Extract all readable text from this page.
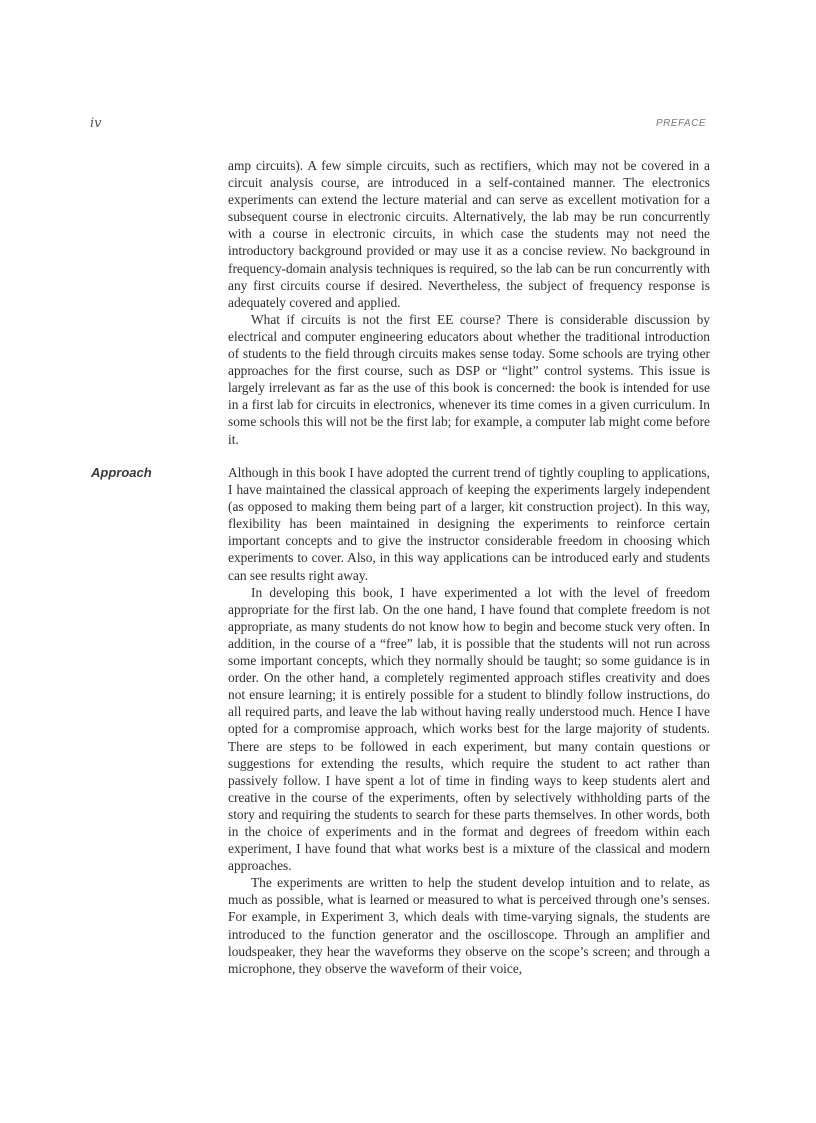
iv	PREFACE

amp circuits). A few simple circuits, such as rectifiers, which may not be covered in a circuit analysis course, are introduced in a self-contained manner. The electronics experiments can extend the lecture material and can serve as excellent motivation for a subsequent course in electronic circuits. Alternatively, the lab may be run concurrently with a course in electronic circuits, in which case the students may not need the introductory background provided or may use it as a concise review. No background in frequency-domain analysis techniques is required, so the lab can be run concurrently with any first circuits course if desired. Nevertheless, the subject of frequency response is adequately covered and applied.

What if circuits is not the first EE course? There is considerable discussion by electrical and computer engineering educators about whether the traditional introduction of students to the field through circuits makes sense today. Some schools are trying other approaches for the first course, such as DSP or “light” control systems. This issue is largely irrelevant as far as the use of this book is concerned: the book is intended for use in a first lab for circuits in electronics, whenever its time comes in a given curriculum. In some schools this will not be the first lab; for example, a computer lab might come before it.

Approach	Although in this book I have adopted the current trend of tightly coupling to applications, I have maintained the classical approach of keeping the experiments largely independent (as opposed to making them being part of a larger, kit construction project). In this way, flexibility has been maintained in designing the experiments to reinforce certain important concepts and to give the instructor considerable freedom in choosing which experiments to cover. Also, in this way applications can be introduced early and students can see results right away.

In developing this book, I have experimented a lot with the level of freedom appropriate for the first lab. On the one hand, I have found that complete freedom is not appropriate, as many students do not know how to begin and become stuck very often. In addition, in the course of a “free” lab, it is possible that the students will not run across some important concepts, which they normally should be taught; so some guidance is in order. On the other hand, a completely regimented approach stifles creativity and does not ensure learning; it is entirely possible for a student to blindly follow instructions, do all required parts, and leave the lab without having really understood much. Hence I have opted for a compromise approach, which works best for the large majority of students. There are steps to be followed in each experiment, but many contain questions or suggestions for extending the results, which require the student to act rather than passively follow. I have spent a lot of time in finding ways to keep students alert and creative in the course of the experiments, often by selectively withholding parts of the story and requiring the students to search for these parts themselves. In other words, both in the choice of experiments and in the format and degrees of freedom within each experiment, I have found that what works best is a mixture of the classical and modern approaches.

The experiments are written to help the student develop intuition and to relate, as much as possible, what is learned or measured to what is perceived through one’s senses. For example, in Experiment 3, which deals with time-varying signals, the students are introduced to the function generator and the oscilloscope. Through an amplifier and loudspeaker, they hear the waveforms they observe on the scope’s screen; and through a microphone, they observe the waveform of their voice,
